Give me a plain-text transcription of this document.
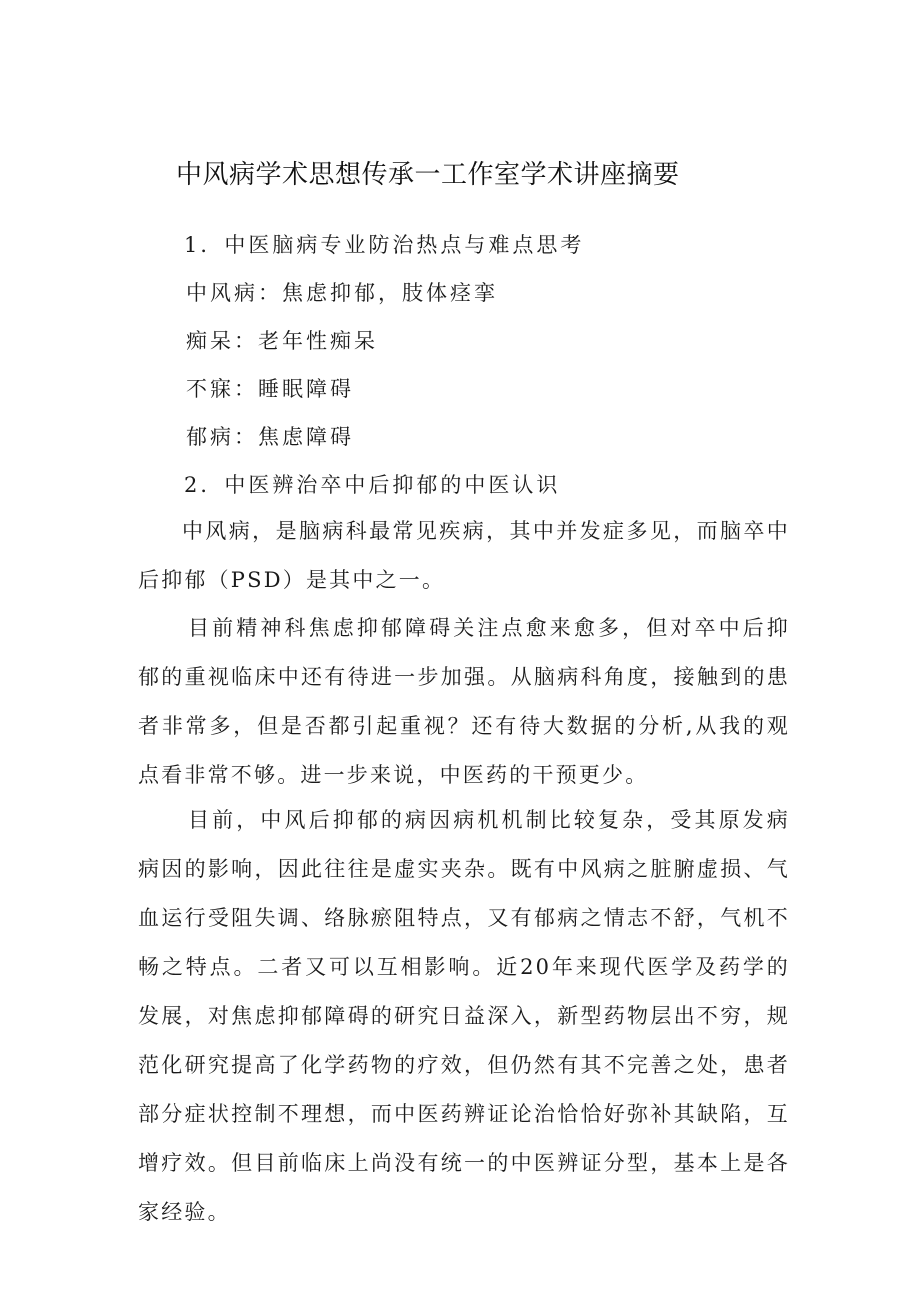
中风病学术思想传承一工作室学术讲座摘要
1．中医脑病专业防治热点与难点思考
中风病：焦虑抑郁，肢体痉挛
痴呆：老年性痴呆
不寐：睡眠障碍
郁病：焦虑障碍
2．中医辨治卒中后抑郁的中医认识
中风病，是脑病科最常见疾病，其中并发症多见，而脑卒中后抑郁（PSD）是其中之一。
目前精神科焦虑抑郁障碍关注点愈来愈多，但对卒中后抑郁的重视临床中还有待进一步加强。从脑病科角度，接触到的患者非常多，但是否都引起重视？还有待大数据的分析,从我的观点看非常不够。进一步来说，中医药的干预更少。
目前，中风后抑郁的病因病机机制比较复杂，受其原发病病因的影响，因此往往是虚实夹杂。既有中风病之脏腑虚损、气血运行受阻失调、络脉瘀阻特点，又有郁病之情志不舒，气机不畅之特点。二者又可以互相影响。近20年来现代医学及药学的发展，对焦虑抑郁障碍的研究日益深入，新型药物层出不穷，规范化研究提高了化学药物的疗效，但仍然有其不完善之处，患者部分症状控制不理想，而中医药辨证论治恰恰好弥补其缺陷，互增疗效。但目前临床上尚没有统一的中医辨证分型，基本上是各家经验。
